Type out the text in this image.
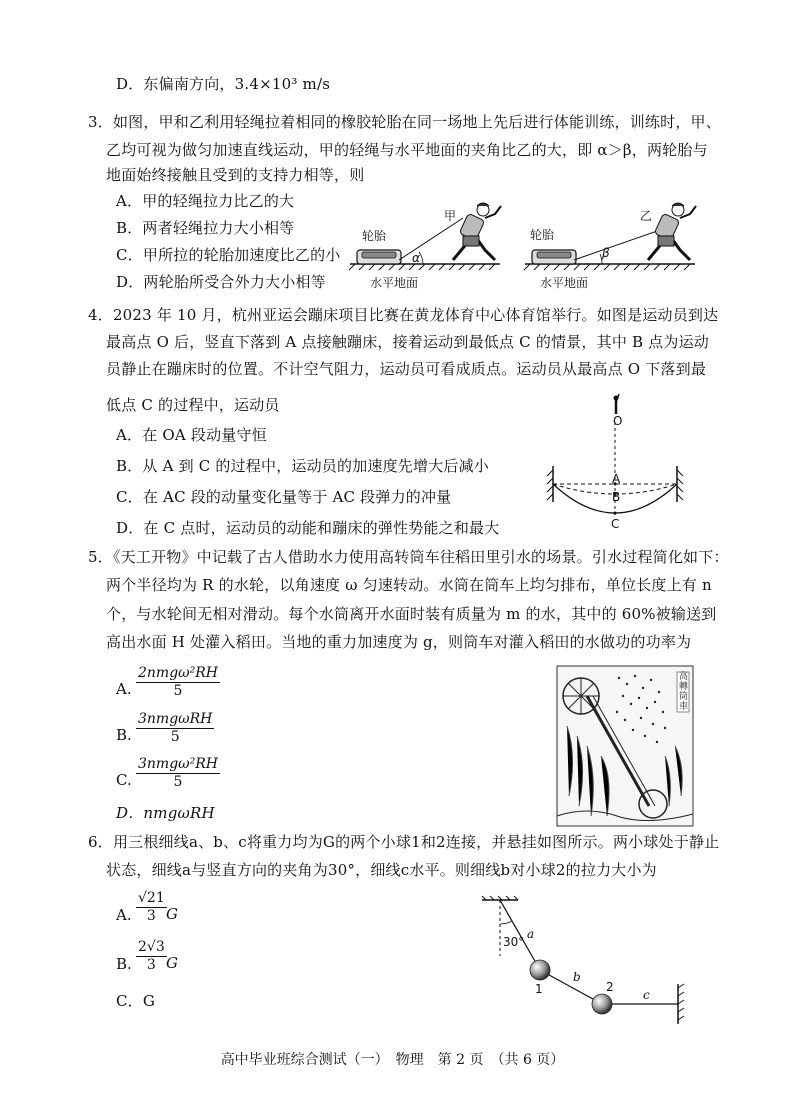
D．东偏南方向，3.4×10³ m/s
3．如图，甲和乙利用轻绳拉着相同的橡胶轮胎在同一场地上先后进行体能训练，训练时，甲、
乙均可视为做匀加速直线运动，甲的轻绳与水平地面的夹角比乙的大，即 α＞β，两轮胎与
地面始终接触且受到的支持力相等，则
A．甲的轻绳拉力比乙的大
B．两者轻绳拉力大小相等
C．甲所拉的轮胎加速度比乙的小
D．两轮胎所受合外力大小相等
轮胎
甲
α
水平地面
轮胎
乙
β
水平地面
4．2023 年 10 月，杭州亚运会蹦床项目比赛在黄龙体育中心体育馆举行。如图是运动员到达
最高点 O 后，竖直下落到 A 点接触蹦床，接着运动到最低点 C 的情景，其中 B 点为运动
员静止在蹦床时的位置。不计空气阻力，运动员可看成质点。运动员从最高点 O 下落到最
低点 C 的过程中，运动员
A．在 OA 段动量守恒
B．从 A 到 C 的过程中，运动员的加速度先增大后减小
C．在 AC 段的动量变化量等于 AC 段弹力的冲量
D．在 C 点时，运动员的动能和蹦床的弹性势能之和最大
O
A
B
C
5．《天工开物》中记载了古人借助水力使用高转筒车往稻田里引水的场景。引水过程简化如下：
两个半径均为 R 的水轮，以角速度 ω 匀速转动。水筒在筒车上均匀排布，单位长度上有 n
个，与水轮间无相对滑动。每个水筒离开水面时装有质量为 m 的水，其中的 60%被输送到
高出水面 H 处灌入稻田。当地的重力加速度为 g，则筒车对灌入稻田的水做功的功率为
A.
2nmgω²RH
5
B.
3nmgωRH
5
C.
3nmgω²RH
5
D．nmgωRH
高轉筒車
6．用三根细线a、b、c将重力均为G的两个小球1和2连接，并悬挂如图所示。两小球处于静止
状态，细线a与竖直方向的夹角为30°，细线c水平。则细线b对小球2的拉力大小为
A. $\frac{√21}{3}$ G
B. $\frac{2√3}{3}$ G
C．G
a
30°
b
1	2
c
高中毕业班综合测试（一）　物理　第 2 页　（共 6 页）
